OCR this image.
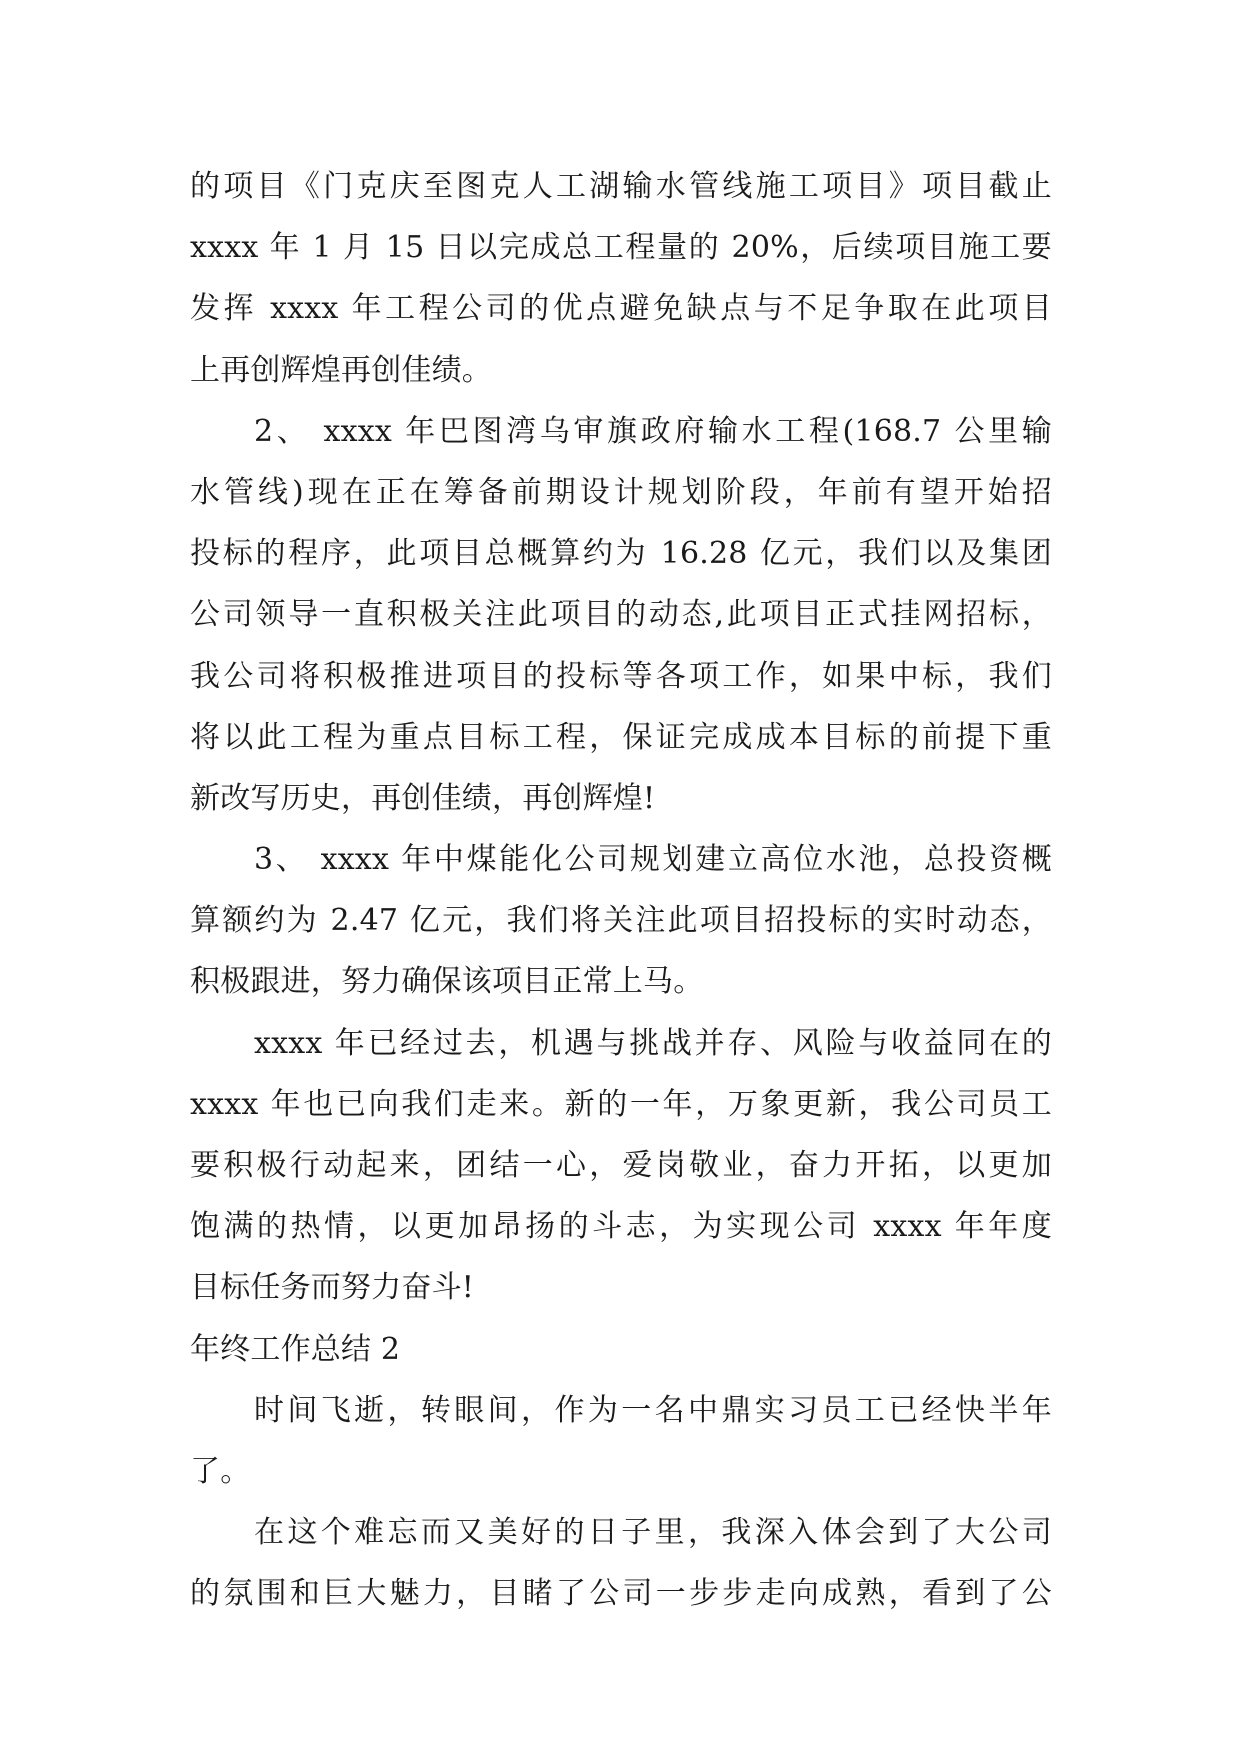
的项目《门克庆至图克人工湖输水管线施工项目》项目截止
xxxx 年 1 月 15 日以完成总工程量的 20%，后续项目施工要
发挥 xxxx 年工程公司的优点避免缺点与不足争取在此项目
上再创辉煌再创佳绩。
2、 xxxx 年巴图湾乌审旗政府输水工程(168.7 公里输
水管线)现在正在筹备前期设计规划阶段，年前有望开始招
投标的程序，此项目总概算约为 16.28 亿元，我们以及集团
公司领导一直积极关注此项目的动态,此项目正式挂网招标，
我公司将积极推进项目的投标等各项工作，如果中标，我们
将以此工程为重点目标工程，保证完成成本目标的前提下重
新改写历史，再创佳绩，再创辉煌!
3、 xxxx 年中煤能化公司规划建立高位水池，总投资概
算额约为 2.47 亿元，我们将关注此项目招投标的实时动态，
积极跟进，努力确保该项目正常上马。
xxxx 年已经过去，机遇与挑战并存、风险与收益同在的
xxxx 年也已向我们走来。新的一年，万象更新，我公司员工
要积极行动起来，团结一心，爱岗敬业，奋力开拓，以更加
饱满的热情，以更加昂扬的斗志，为实现公司 xxxx 年年度
目标任务而努力奋斗!
年终工作总结 2
时间飞逝，转眼间，作为一名中鼎实习员工已经快半年
了。
在这个难忘而又美好的日子里，我深入体会到了大公司
的氛围和巨大魅力，目睹了公司一步步走向成熟，看到了公
